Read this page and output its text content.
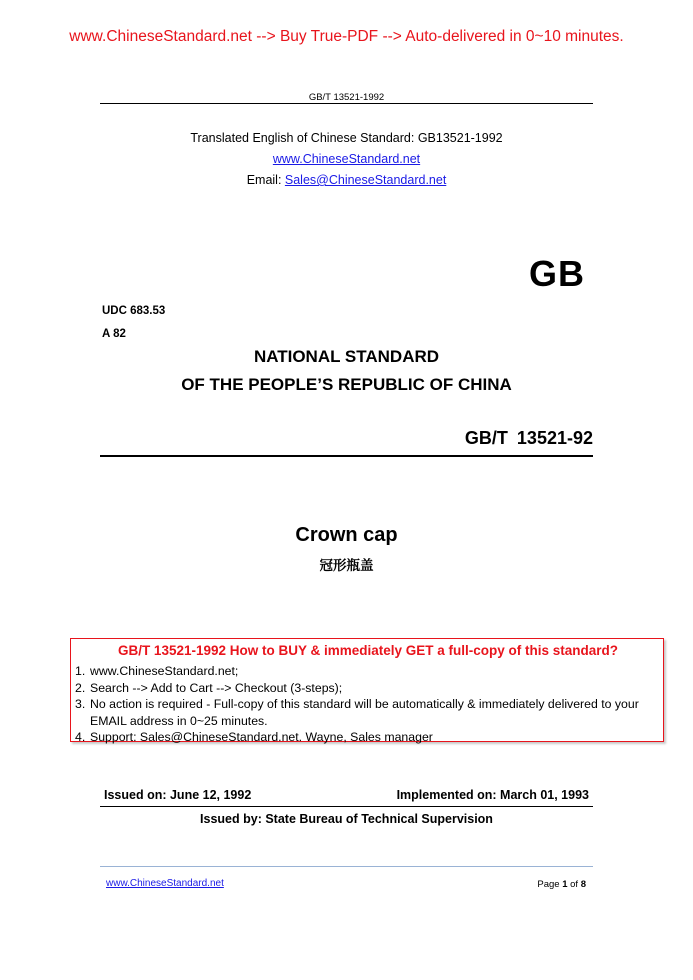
www.ChineseStandard.net --> Buy True-PDF --> Auto-delivered in 0~10 minutes.
GB/T 13521-1992
Translated English of Chinese Standard: GB13521-1992
www.ChineseStandard.net
Email: Sales@ChineseStandard.net
GB
UDC 683.53
A 82
NATIONAL STANDARD
OF THE PEOPLE’S REPUBLIC OF CHINA
GB/T 13521-92
Crown cap
冠形瓶盖
GB/T 13521-1992 How to BUY & immediately GET a full-copy of this standard?
1. www.ChineseStandard.net;
2. Search --> Add to Cart --> Checkout (3-steps);
3. No action is required - Full-copy of this standard will be automatically & immediately delivered to your EMAIL address in 0~25 minutes.
4. Support: Sales@ChineseStandard.net. Wayne, Sales manager
Issued on: June 12, 1992	Implemented on: March 01, 1993
Issued by: State Bureau of Technical Supervision
www.ChineseStandard.net	Page 1 of 8
